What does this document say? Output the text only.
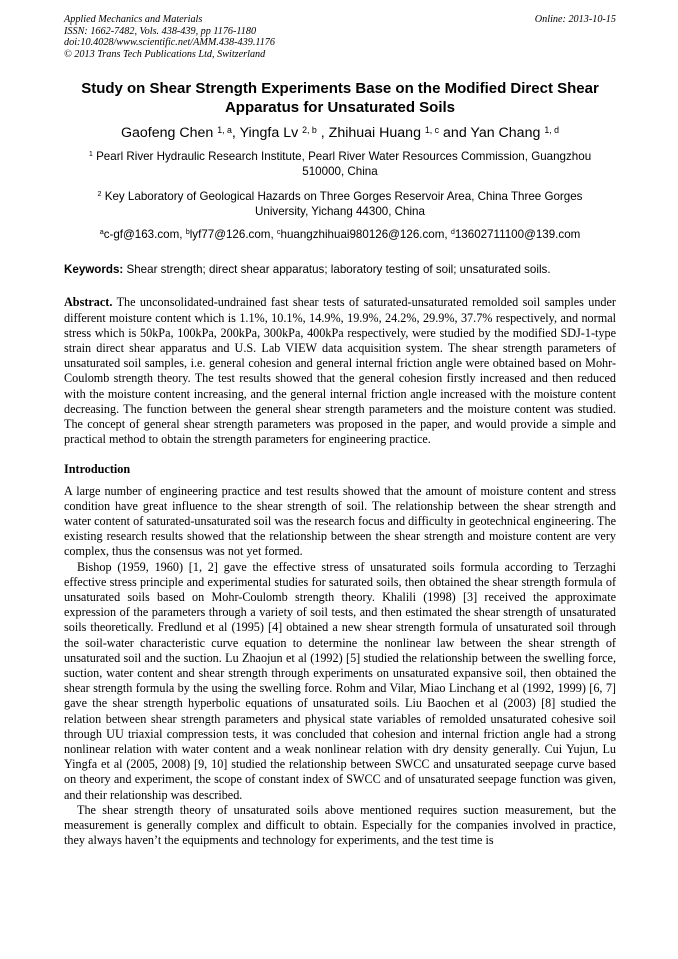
Applied Mechanics and Materials
ISSN: 1662-7482, Vols. 438-439, pp 1176-1180
doi:10.4028/www.scientific.net/AMM.438-439.1176
© 2013 Trans Tech Publications Ltd, Switzerland
Online: 2013-10-15
Study on Shear Strength Experiments Base on the Modified Direct Shear
Apparatus for Unsaturated Soils
Gaofeng Chen $^{1, a}$, Yingfa Lv $^{2, b}$ , Zhihuai Huang $^{1, c}$ and Yan Chang $^{1, d}$
$^1$ Pearl River Hydraulic Research Institute, Pearl River Water Resources Commission, Guangzhou
510000, China
$^2$ Key Laboratory of Geological Hazards on Three Gorges Reservoir Area, China Three Gorges
University, Yichang 44300, China
$^a$c-gf@163.com, $^b$lyf77@126.com, $^c$huangzhihuai980126@126.com, $^d$13602711100@139.com
Keywords: Shear strength; direct shear apparatus; laboratory testing of soil; unsaturated soils.
Abstract. The unconsolidated-undrained fast shear tests of saturated-unsaturated remolded soil samples under different moisture content which is 1.1%, 10.1%, 14.9%, 19.9%, 24.2%, 29.9%, 37.7% respectively, and normal stress which is 50kPa, 100kPa, 200kPa, 300kPa, 400kPa respectively, were studied by the modified SDJ-1-type strain direct shear apparatus and U.S. Lab VIEW data acquisition system. The shear strength parameters of unsaturated soil samples, i.e. general cohesion and general internal friction angle were obtained based on Mohr-Coulomb strength theory. The test results showed that the general cohesion firstly increased and then reduced with the moisture content increasing, and the general internal friction angle increased with the moisture content decreasing. The function between the general shear strength parameters and the moisture content was studied. The concept of general shear strength parameters was proposed in the paper, and would provide a simple and practical method to obtain the strength parameters for engineering practice.
Introduction

A large number of engineering practice and test results showed that the amount of moisture content and stress condition have great influence to the shear strength of soil. The relationship between the shear strength and water content of saturated-unsaturated soil was the research focus and difficulty in geotechnical engineering. The existing research results showed that the relationship between the shear strength and moisture content are very complex, thus the consensus was not yet formed.

Bishop (1959, 1960) [1, 2] gave the effective stress of unsaturated soils formula according to Terzaghi effective stress principle and experimental studies for saturated soils, then obtained the shear strength formula of unsaturated soils based on Mohr-Coulomb strength theory. Khalili (1998) [3] received the approximate expression of the parameters through a variety of soil tests, and then estimated the shear strength of unsaturated soils theoretically. Fredlund et al (1995) [4] obtained a new shear strength formula of unsaturated soil through the soil-water characteristic curve equation to determine the nonlinear law between the shear strength of unsaturated soil and the suction. Lu Zhaojun et al (1992) [5] studied the relationship between the swelling force, suction, water content and shear strength through experiments on unsaturated expansive soil, then obtained the shear strength formula by the using the swelling force. Rohm and Vilar, Miao Linchang et al (1992, 1999) [6, 7] gave the shear strength hyperbolic equations of unsaturated soils. Liu Baochen et al (2003) [8] studied the relation between shear strength parameters and physical state variables of remolded unsaturated cohesive soil through UU triaxial compression tests, it was concluded that cohesion and internal friction angle had a strong nonlinear relation with water content and a weak nonlinear relation with dry density generally. Cui Yujun, Lu Yingfa et al (2005, 2008) [9, 10] studied the relationship between SWCC and unsaturated seepage curve based on theory and experiment, the scope of constant index of SWCC and of unsaturated seepage function was given, and their relationship was described.

The shear strength theory of unsaturated soils above mentioned requires suction measurement, but the measurement is generally complex and difficult to obtain. Especially for the companies involved in practice, they always haven’t the equipments and technology for experiments, and the test time is
